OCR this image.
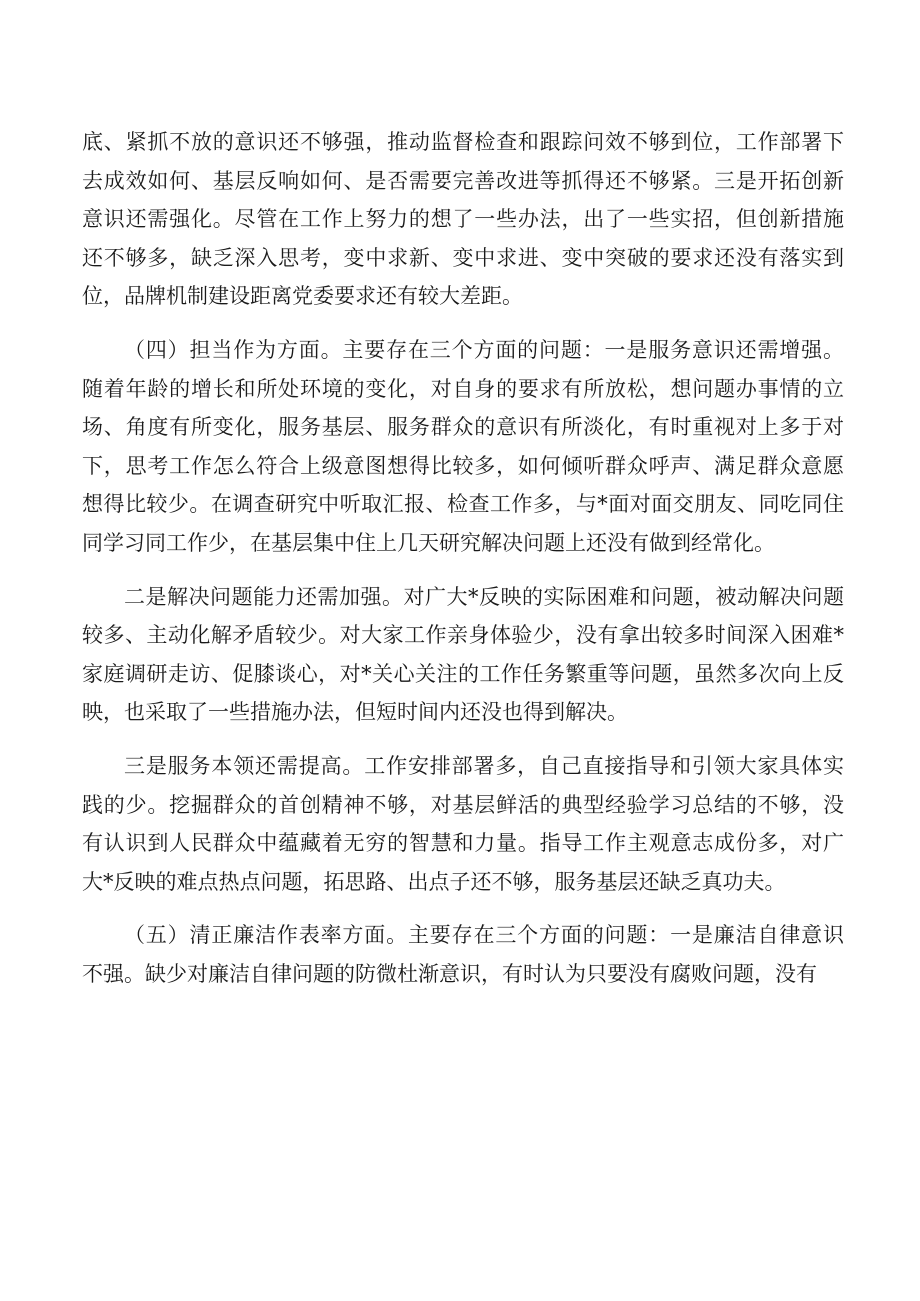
底、紧抓不放的意识还不够强，推动监督检查和跟踪问效不够到位，工作部署下
去成效如何、基层反响如何、是否需要完善改进等抓得还不够紧。三是开拓创新
意识还需强化。尽管在工作上努力的想了一些办法，出了一些实招，但创新措施
还不够多，缺乏深入思考，变中求新、变中求进、变中突破的要求还没有落实到
位，品牌机制建设距离党委要求还有较大差距。
（四）担当作为方面。主要存在三个方面的问题：一是服务意识还需增强。
随着年龄的增长和所处环境的变化，对自身的要求有所放松，想问题办事情的立
场、角度有所变化，服务基层、服务群众的意识有所淡化，有时重视对上多于对
下，思考工作怎么符合上级意图想得比较多，如何倾听群众呼声、满足群众意愿
想得比较少。在调查研究中听取汇报、检查工作多，与*面对面交朋友、同吃同住
同学习同工作少，在基层集中住上几天研究解决问题上还没有做到经常化。
二是解决问题能力还需加强。对广大*反映的实际困难和问题，被动解决问题
较多、主动化解矛盾较少。对大家工作亲身体验少，没有拿出较多时间深入困难*
家庭调研走访、促膝谈心，对*关心关注的工作任务繁重等问题，虽然多次向上反
映，也采取了一些措施办法，但短时间内还没也得到解决。
三是服务本领还需提高。工作安排部署多，自己直接指导和引领大家具体实
践的少。挖掘群众的首创精神不够，对基层鲜活的典型经验学习总结的不够，没
有认识到人民群众中蕴藏着无穷的智慧和力量。指导工作主观意志成份多，对广
大*反映的难点热点问题，拓思路、出点子还不够，服务基层还缺乏真功夫。
（五）清正廉洁作表率方面。主要存在三个方面的问题：一是廉洁自律意识
不强。缺少对廉洁自律问题的防微杜渐意识，有时认为只要没有腐败问题，没有
